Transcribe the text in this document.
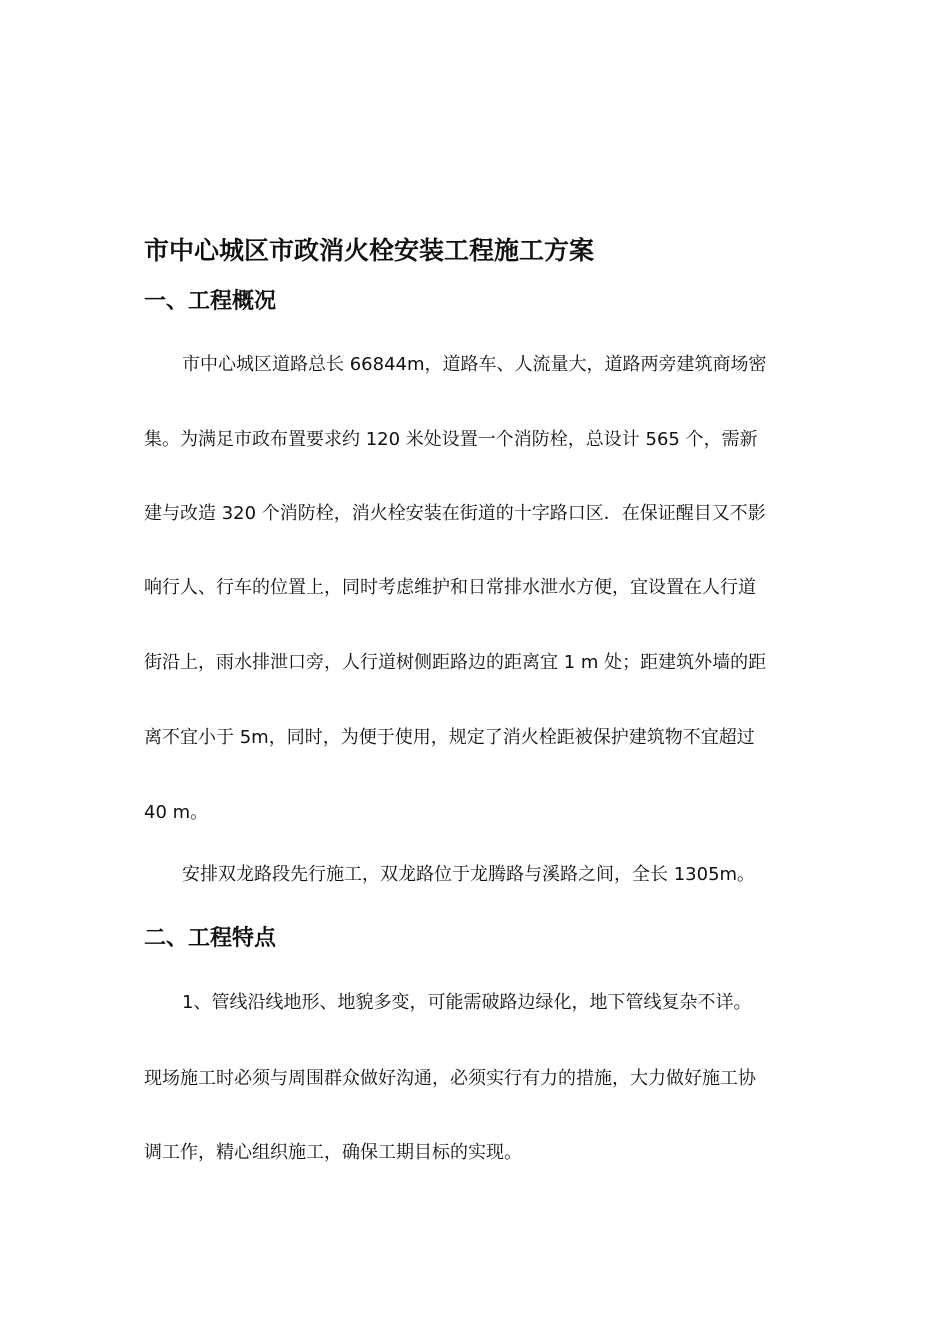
市中心城区市政消火栓安装工程施工方案
一、工程概况

市中心城区道路总长 66844m，道路车、人流量大，道路两旁建筑商场密

集。为满足市政布置要求约 120 米处设置一个消防栓，总设计 565 个，需新

建与改造 320 个消防栓，消火栓安装在街道的十字路口区．在保证醒目又不影

响行人、行车的位置上，同时考虑维护和日常排水泄水方便，宜设置在人行道

街沿上，雨水排泄口旁，人行道树侧距路边的距离宜 1 m 处；距建筑外墙的距

离不宜小于 5m，同时，为便于使用，规定了消火栓距被保护建筑物不宜超过

40 m。

安排双龙路段先行施工，双龙路位于龙腾路与溪路之间，全长 1305m。

二、工程特点

1、管线沿线地形、地貌多变，可能需破路边绿化，地下管线复杂不详。

现场施工时必须与周围群众做好沟通，必须实行有力的措施，大力做好施工协

调工作，精心组织施工，确保工期目标的实现。
